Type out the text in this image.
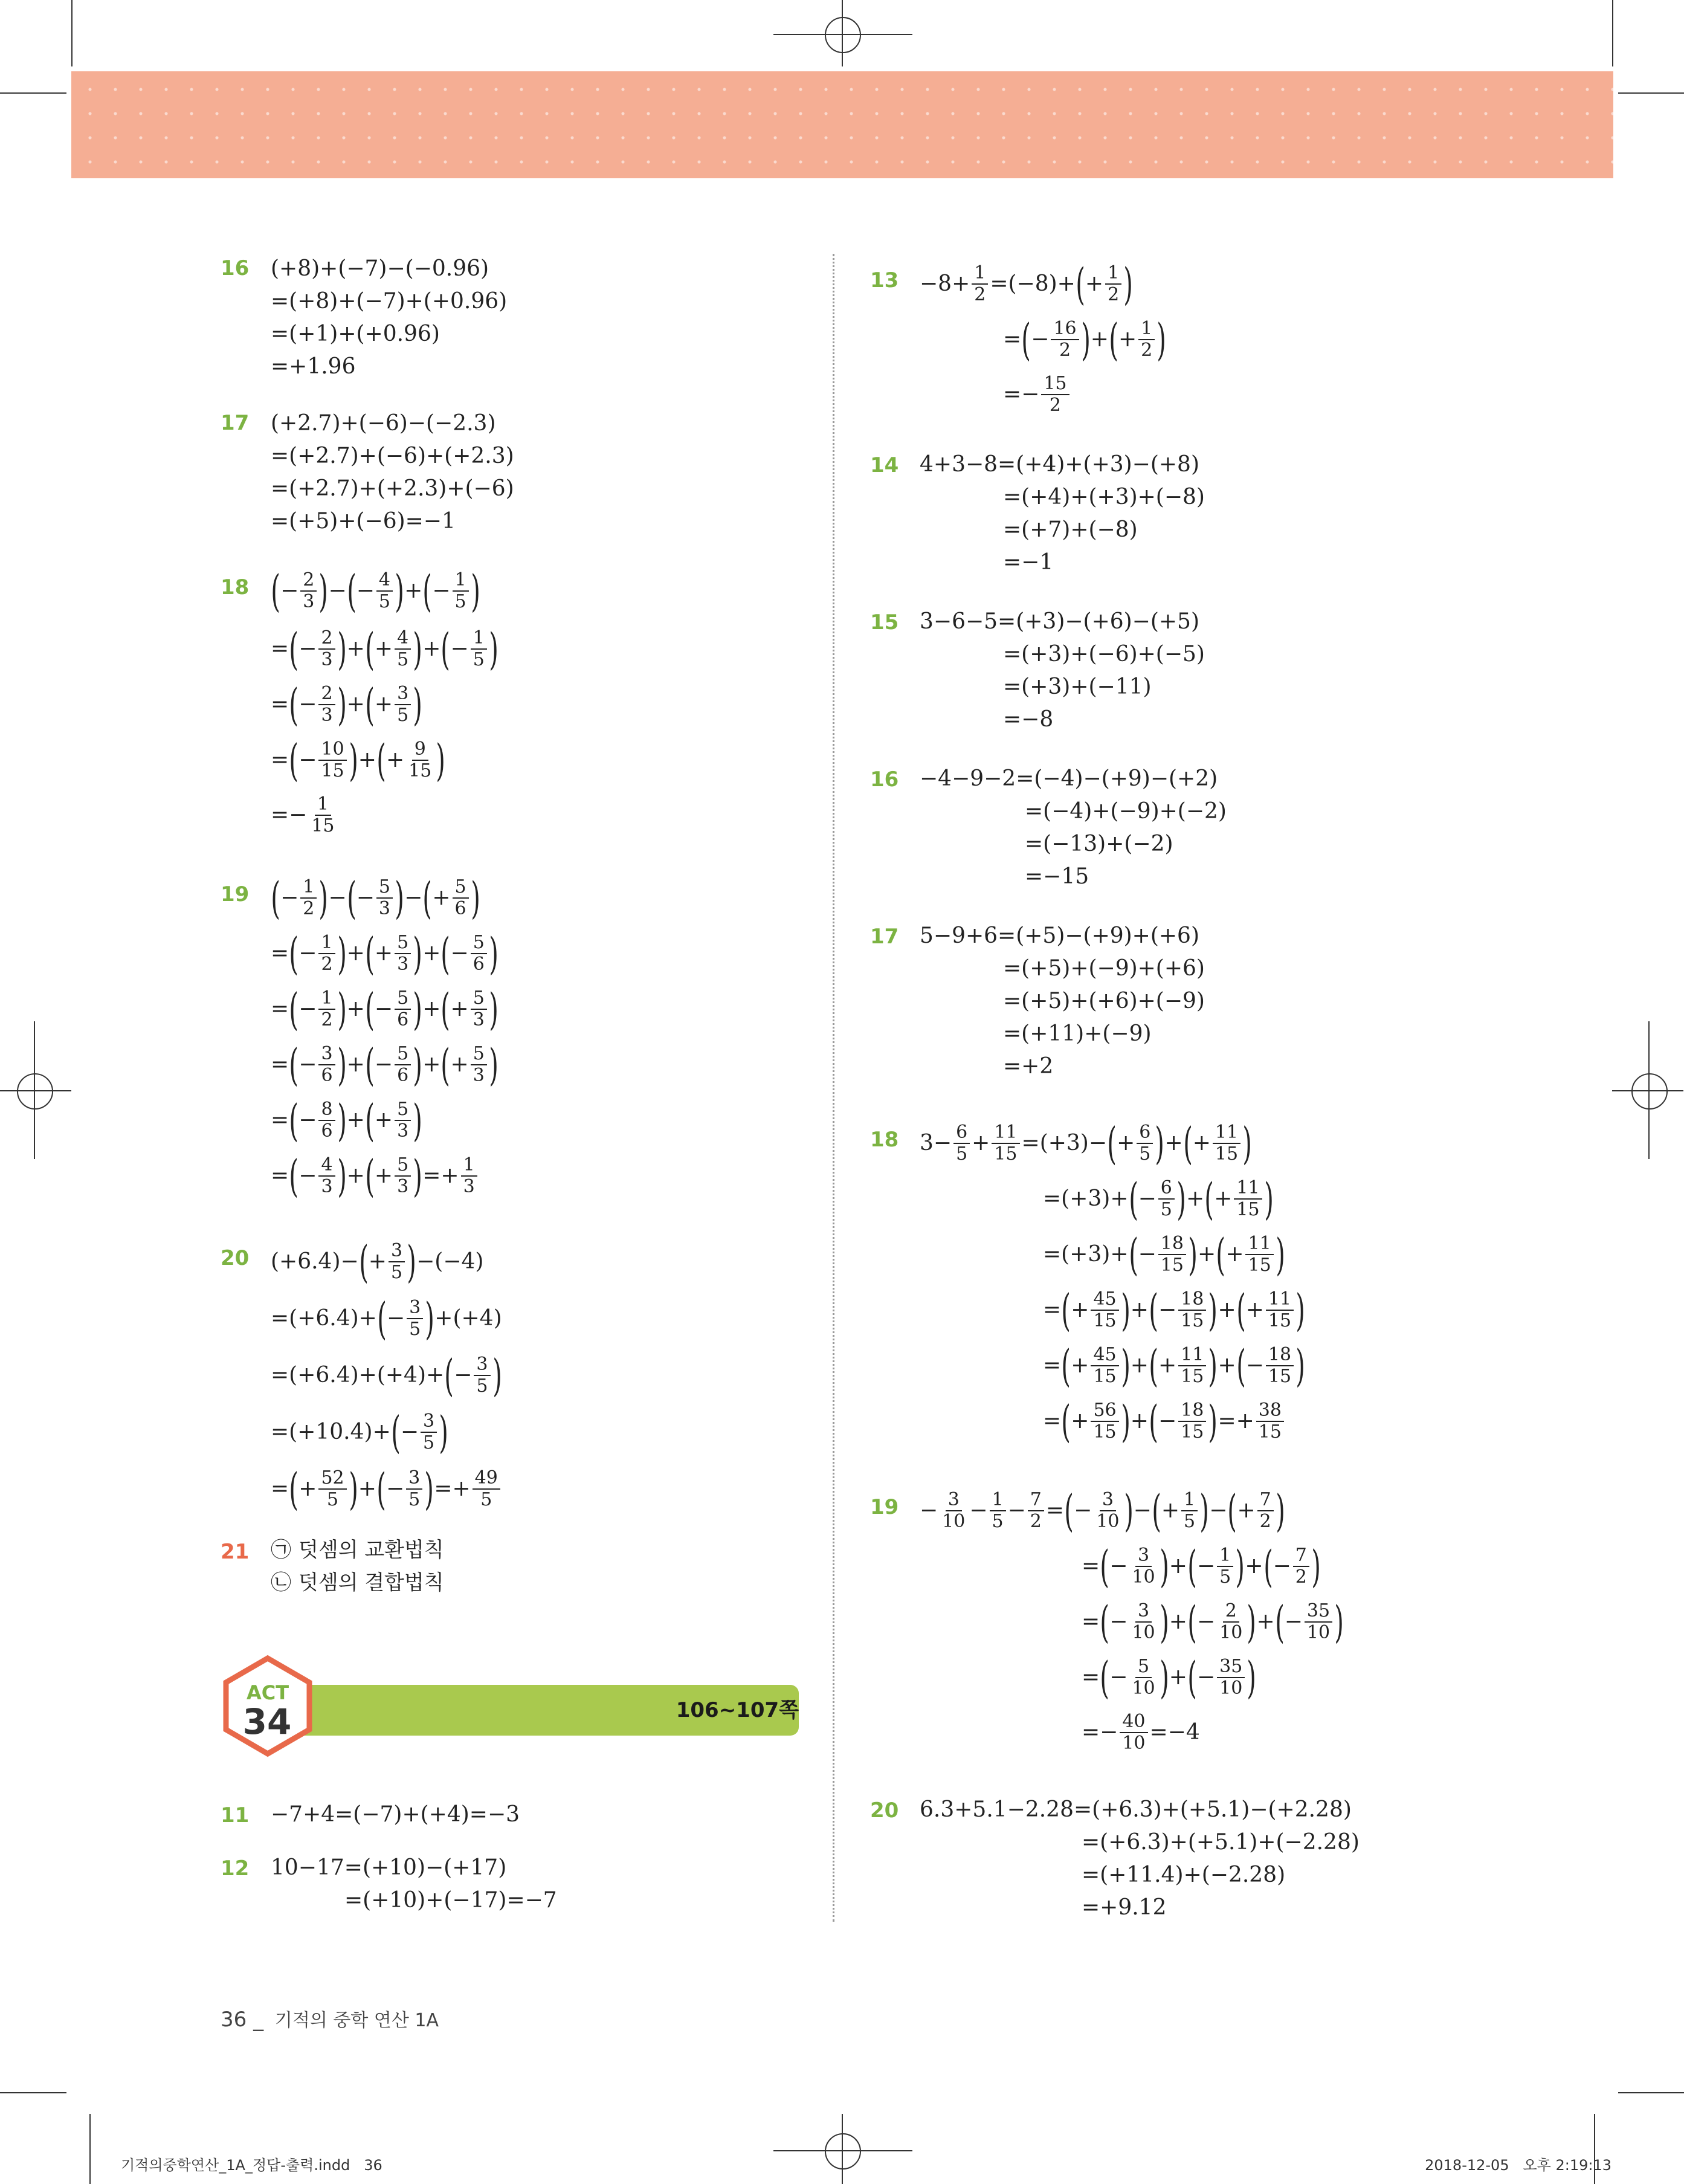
16 (+8)+(−7)−(−0.96)
=(+8)+(−7)+(+0.96)
=(+1)+(+0.96)
=+1.96
17 (+2.7)+(−6)−(−2.3)
=(+2.7)+(−6)+(+2.3)
=(+2.7)+(+2.3)+(−6)
=(+5)+(−6)=−1
18 ( − $\frac{2}{3}$ ) − ( − $\frac{4}{5}$ ) + ( − $\frac{1}{5}$ )
= ( − $\frac{2}{3}$ ) + ( + $\frac{4}{5}$ ) + ( − $\frac{1}{5}$ )
= ( − $\frac{2}{3}$ ) + ( + $\frac{3}{5}$ )
= ( − $\frac{10}{15}$ ) + ( + $\frac{9}{15}$ )
=− $\frac{1}{15}$
19 ( − $\frac{1}{2}$ ) − ( − $\frac{5}{3}$ ) − ( + $\frac{5}{6}$ )
= ( − $\frac{1}{2}$ ) + ( + $\frac{5}{3}$ ) + ( − $\frac{5}{6}$ )
= ( − $\frac{1}{2}$ ) + ( − $\frac{5}{6}$ ) + ( + $\frac{5}{3}$ )
= ( − $\frac{3}{6}$ ) + ( − $\frac{5}{6}$ ) + ( + $\frac{5}{3}$ )
= ( − $\frac{8}{6}$ ) + ( + $\frac{5}{3}$ )
= ( − $\frac{4}{3}$ ) + ( + $\frac{5}{3}$ ) =+ $\frac{1}{3}$
20 (+6.4)− ( + $\frac{3}{5}$ ) −(−4)
=(+6.4)+ ( − $\frac{3}{5}$ ) +(+4)
=(+6.4)+(+4)+ ( − $\frac{3}{5}$ )
=(+10.4)+ ( − $\frac{3}{5}$ )
= ( + $\frac{52}{5}$ ) + ( − $\frac{3}{5}$ ) =+ $\frac{49}{5}$
21 ㉠ 덧셈의 교환법칙
㉡ 덧셈의 결합법칙
ACT
34	106~107쪽
11 −7+4=(−7)+(+4)=−3
12 10−17=(+10)−(+17)
=(+10)+(−17)=−7
$13 -8+ \frac{1}{2} =(-8)+$ ( + $\frac{1}{2}$ )
= ( − $\frac{16}{2}$ ) + ( + $\frac{1}{2}$ )
=− $\frac{15}{2}$
14 4+3−8=(+4)+(+3)−(+8)
=(+4)+(+3)+(−8)
=(+7)+(−8)
=−1
15 3−6−5=(+3)−(+6)−(+5)
=(+3)+(−6)+(−5)
=(+3)+(−11)
=−8
16 −4−9−2=(−4)−(+9)−(+2)
=(−4)+(−9)+(−2)
=(−13)+(−2)
=−15
17 5−9+6=(+5)−(+9)+(+6)
=(+5)+(−9)+(+6)
=(+5)+(+6)+(−9)
=(+11)+(−9)
=+2
18 $3- \frac{6}{5} + \frac{11}{15} =(+3)-$ ( + $\frac{6}{5}$ ) + ( + $\frac{11}{15}$ )
=(+3)+ ( − $\frac{6}{5}$ ) + ( + $\frac{11}{15}$ )
=(+3)+ ( − $\frac{18}{15}$ ) + ( + $\frac{11}{15}$ )
= ( + $\frac{45}{15}$ ) + ( − $\frac{18}{15}$ ) + ( + $\frac{11}{15}$ )
= ( + $\frac{45}{15}$ ) + ( + $\frac{11}{15}$ ) + ( − $\frac{18}{15}$ )
= ( + $\frac{56}{15}$ ) + ( − $\frac{18}{15}$ ) =+ $\frac{38}{15}$
$19 - \frac{3}{10} - \frac{1}{5} - \frac{7}{2}$ = ( − $\frac{3}{10}$ ) − ( + $\frac{1}{5}$ ) − ( + $\frac{7}{2}$ )
= ( − $\frac{3}{10}$ ) + ( − $\frac{1}{5}$ ) + ( − $\frac{7}{2}$ )
= ( − $\frac{3}{10}$ ) + ( − $\frac{2}{10}$ ) + ( − $\frac{35}{10}$ )
= ( − $\frac{5}{10}$ ) + ( − $\frac{35}{10}$ )
=− $\frac{40}{10} =-4$
20 6.3+5.1−2.28=(+6.3)+(+5.1)−(+2.28)
=(+6.3)+(+5.1)+(−2.28)
=(+11.4)+(−2.28)
=+9.12
36 _ 기적의 중학 연산 1A
기적의중학연산_1A_정답-출력.indd   36	2018-12-05   오후 2:19:13
